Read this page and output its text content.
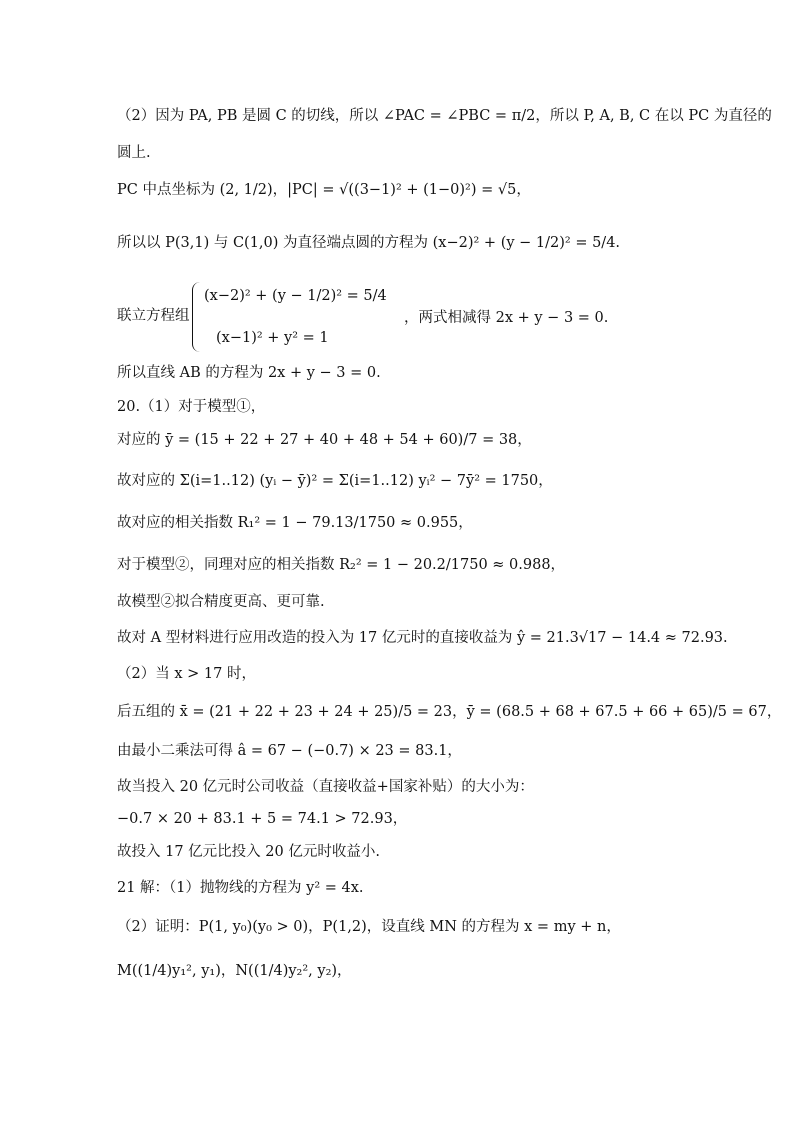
（2）因为 PA, PB 是圆 C 的切线，所以 ∠PAC = ∠PBC = π/2，所以 P, A, B, C 在以 PC 为直径的
圆上.
PC 中点坐标为 (2, 1/2)，|PC| = √((3−1)² + (1−0)²) = √5，
所以以 P(3,1) 与 C(1,0) 为直径端点圆的方程为 (x−2)² + (y − 1/2)² = 5/4.
联立方程组
(x−2)² + (y − 1/2)² = 5/4
(x−1)² + y² = 1
，两式相减得 2x + y − 3 = 0.
所以直线 AB 的方程为 2x + y − 3 = 0.
20.（1）对于模型①，
对应的 ȳ = (15 + 22 + 27 + 40 + 48 + 54 + 60)/7 = 38，
故对应的 Σ(i=1..12) (yᵢ − ȳ)² = Σ(i=1..12) yᵢ² − 7ȳ² = 1750，
故对应的相关指数 R₁² = 1 − 79.13/1750 ≈ 0.955，
对于模型②，同理对应的相关指数 R₂² = 1 − 20.2/1750 ≈ 0.988，
故模型②拟合精度更高、更可靠.
故对 A 型材料进行应用改造的投入为 17 亿元时的直接收益为 ŷ = 21.3√17 − 14.4 ≈ 72.93.
（2）当 x > 17 时，
后五组的 x̄ = (21 + 22 + 23 + 24 + 25)/5 = 23，ȳ = (68.5 + 68 + 67.5 + 66 + 65)/5 = 67，
由最小二乘法可得 â = 67 − (−0.7) × 23 = 83.1，
故当投入 20 亿元时公司收益（直接收益+国家补贴）的大小为：
−0.7 × 20 + 83.1 + 5 = 74.1 > 72.93，
故投入 17 亿元比投入 20 亿元时收益小.
21 解：（1）抛物线的方程为 y² = 4x.
（2）证明：P(1, y₀)(y₀ > 0)，P(1,2)，设直线 MN 的方程为 x = my + n，
M((1/4)y₁², y₁)，N((1/4)y₂², y₂)，
